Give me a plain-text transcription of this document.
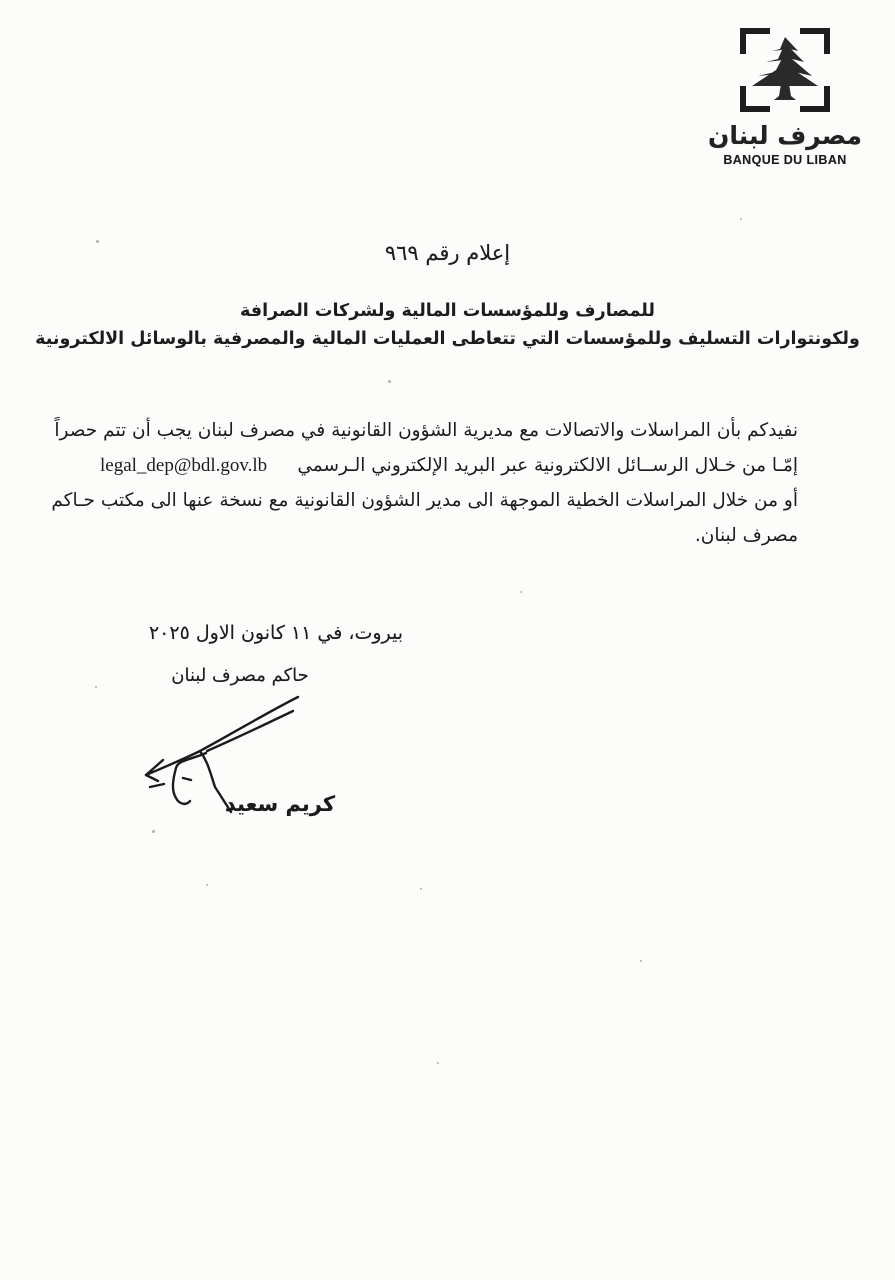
مصرف لبنان
BANQUE DU LIBAN
إعلام رقم ٩٦٩
للمصارف وللمؤسسات المالية ولشركات الصرافة
ولكونتوارات التسليف وللمؤسسات التي تتعاطى العمليات المالية والمصرفية بالوسائل الالكترونية
نفيدكم بأن المراسلات والاتصالات مع مديرية الشؤون القانونية في مصرف لبنان يجب أن تتم حصراً
إمّـا من خـلال الرســائل الالكترونية عبر البريد الإلكتروني الـرسمي
legal_dep@bdl.gov.lb
أو من خلال المراسلات الخطية الموجهة الى مدير الشؤون القانونية مع نسخة عنها الى مكتب حـاكم
مصرف لبنان.
بيروت، في ١١ كانون الاول ٢٠٢٥
حاكم مصرف لبنان
كريم سعيد
